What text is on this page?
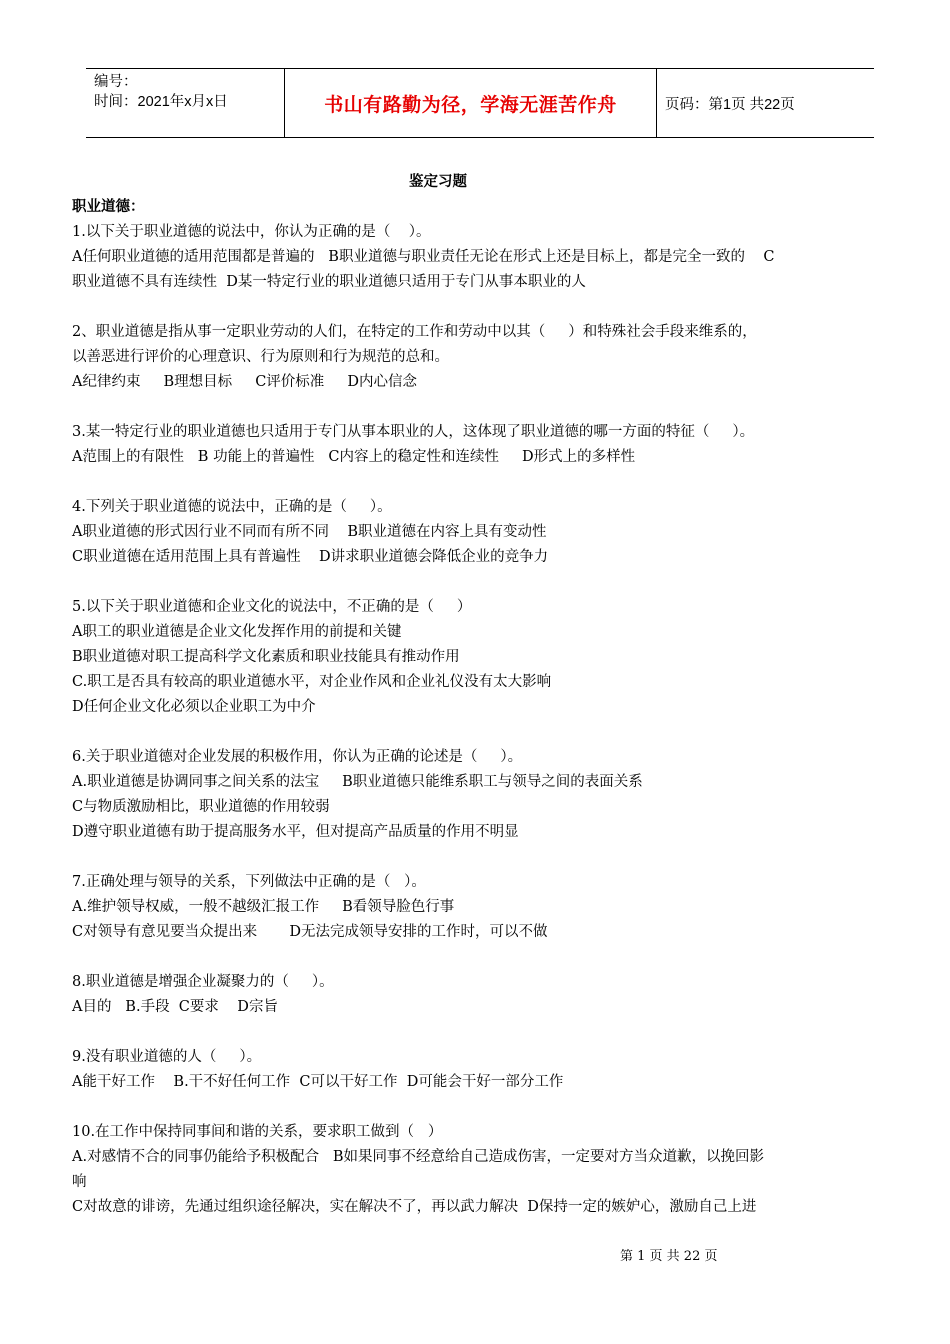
编号：
时间：2021年x月x日	书山有路勤为径，学海无涯苦作舟	页码：第1页 共22页
鉴定习题
职业道德：

1.以下关于职业道德的说法中，你认为正确的是（    ）。

A任何职业道德的适用范围都是普遍的   B职业道德与职业责任无论在形式上还是目标上，都是完全一致的    C

职业道德不具有连续性  D某一特定行业的职业道德只适用于专门从事本职业的人

2、职业道德是指从事一定职业劳动的人们，在特定的工作和劳动中以其（     ）和特殊社会手段来维系的，

以善恶进行评价的心理意识、行为原则和行为规范的总和。

A纪律约束     B理想目标     C评价标准     D内心信念

3.某一特定行业的职业道德也只适用于专门从事本职业的人，这体现了职业道德的哪一方面的特征（     ）。

A范围上的有限性   B 功能上的普遍性   C内容上的稳定性和连续性     D形式上的多样性

4.下列关于职业道德的说法中，正确的是（     ）。

A职业道德的形式因行业不同而有所不同    B职业道德在内容上具有变动性

C职业道德在适用范围上具有普遍性    D讲求职业道德会降低企业的竞争力

5.以下关于职业道德和企业文化的说法中，不正确的是（     ）

A职工的职业道德是企业文化发挥作用的前提和关键

B职业道德对职工提高科学文化素质和职业技能具有推动作用

C.职工是否具有较高的职业道德水平，对企业作风和企业礼仪没有太大影响

D任何企业文化必须以企业职工为中介

6.关于职业道德对企业发展的积极作用，你认为正确的论述是（     ）。

A.职业道德是协调同事之间关系的法宝     B职业道德只能维系职工与领导之间的表面关系

C与物质激励相比，职业道德的作用较弱

D遵守职业道德有助于提高服务水平，但对提高产品质量的作用不明显

7.正确处理与领导的关系，下列做法中正确的是（   ）。

A.维护领导权威，一般不越级汇报工作     B看领导脸色行事

C对领导有意见要当众提出来       D无法完成领导安排的工作时，可以不做

8.职业道德是增强企业凝聚力的（     ）。

A目的   B.手段  C要求    D宗旨

9.没有职业道德的人（     ）。

A能干好工作    B.干不好任何工作  C可以干好工作  D可能会干好一部分工作

10.在工作中保持同事间和谐的关系，要求职工做到（   ）

A.对感情不合的同事仍能给予积极配合   B如果同事不经意给自己造成伤害，一定要对方当众道歉，以挽回影

响

C对故意的诽谤，先通过组织途径解决，实在解决不了，再以武力解决  D保持一定的嫉妒心，激励自己上进

第 1 页 共 22 页
